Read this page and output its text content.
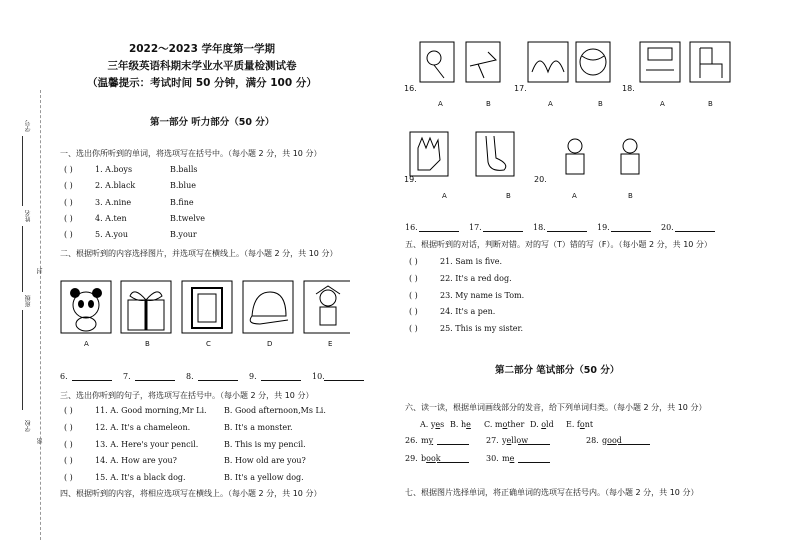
学号
姓名
封
班级
学校
密
2022～2023 学年度第一学期
三年级英语科期末学业水平质量检测试卷
（温馨提示：考试时间 50 分钟，满分 100 分）
第一部分 听力部分（50 分）
一、选出你所听到的单词，将选项写在括号中。（每小题 2 分，共 10 分）
( )	1. A.boys	B.balls
( )	2. A.black	B.blue
( )	3. A.nine	B.fine
( )	4. A.ten	B.twelve
( )	5. A.you	B.your
二、根据听到的内容选择图片，并选项写在横线上。（每小题 2 分，共 10 分）
A	B	C	D	E
6.	7.	8.	9.	10.
三、选出你听到的句子，将选项写在括号中。（每小题 2 分，共 10 分）
( )	11. A. Good morning,Mr Li. B. Good afternoon,Ms Li.
( )	12. A. It's a chameleon.	B. It's a monster.
( )	13. A. Here's your pencil.	B. This is my pencil.
( )	14. A. How are you?	B. How old are you?
( )	15. A. It's a black dog.	B. It's a yellow dog.
四、根据听到的内容，将相应选项写在横线上。（每小题 2 分，共 10 分）
16.	17.	18.
19.	20.
A	B	A	B	A	B
A	B	A	B
16.	17.	18.	19.	20.
五、根据听到的对话，判断对错。对的写（T）错的写（F）。（每小题 2 分，共 10 分）
( )	21. Sam is five.
( )	22. It's a red dog.
( )	23. My name is Tom.
( )	24. It's a pen.
( )	25. This is my sister.
第二部分 笔试部分（50 分）
六、读一读，根据单词画线部分的发音，给下列单词归类。（每小题 2 分，共 10 分）
A. yes B. he C. mother D. old E. font
26. my	27. yellow	28. good
29. book	30. me
七、根据图片选择单词，将正确单词的选项写在括号内。（每小题 2 分，共 10 分）
